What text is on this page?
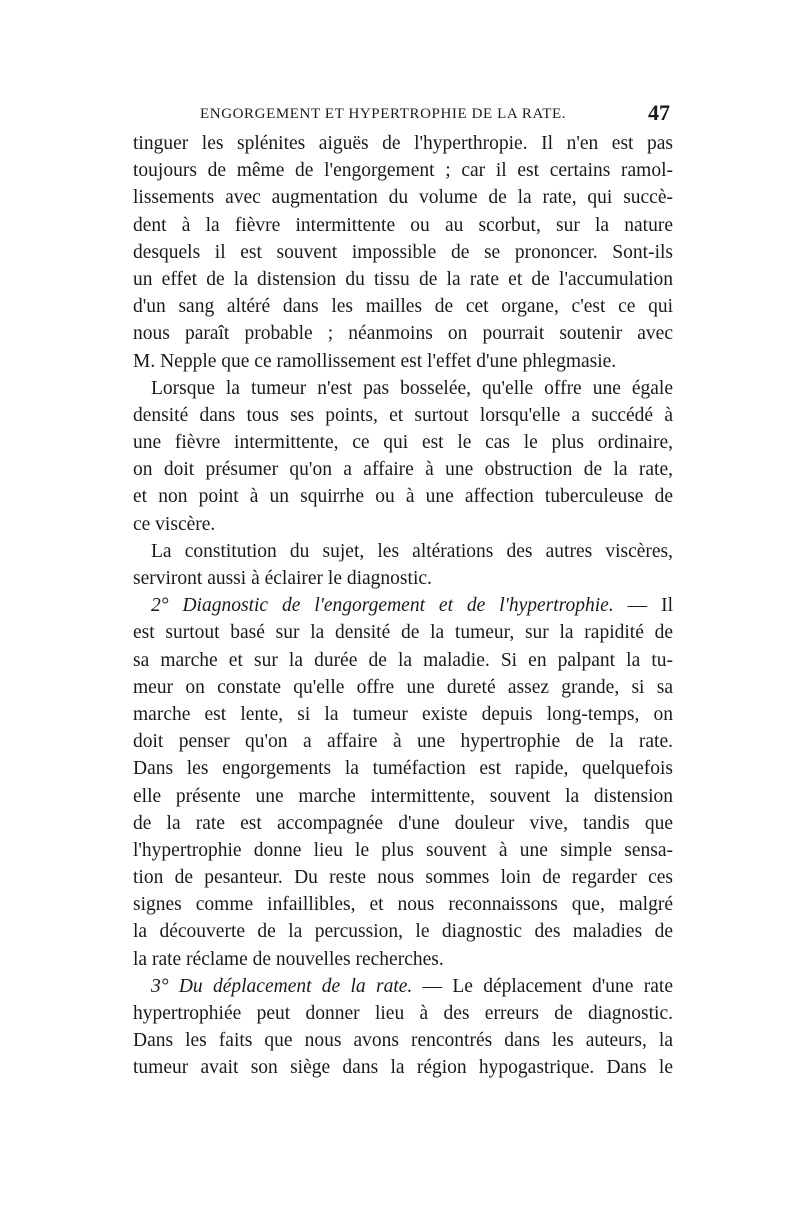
ENGORGEMENT ET HYPERTROPHIE DE LA RATE.	47
tinguer les splénites aiguës de l'hyperthropie. Il n'en est pas
toujours de même de l'engorgement ; car il est certains ramol-
lissements avec augmentation du volume de la rate, qui succè-
dent à la fièvre intermittente ou au scorbut, sur la nature
desquels il est souvent impossible de se prononcer. Sont-ils
un effet de la distension du tissu de la rate et de l'accumulation
d'un sang altéré dans les mailles de cet organe, c'est ce qui
nous paraît probable ; néanmoins on pourrait soutenir avec
M. Nepple que ce ramollissement est l'effet d'une phlegmasie.
Lorsque la tumeur n'est pas bosselée, qu'elle offre une égale
densité dans tous ses points, et surtout lorsqu'elle a succédé à
une fièvre intermittente, ce qui est le cas le plus ordinaire,
on doit présumer qu'on a affaire à une obstruction de la rate,
et non point à un squirrhe ou à une affection tuberculeuse de
ce viscère.
La constitution du sujet, les altérations des autres viscères,
serviront aussi à éclairer le diagnostic.
2° Diagnostic de l'engorgement et de l'hypertrophie. — Il
est surtout basé sur la densité de la tumeur, sur la rapidité de
sa marche et sur la durée de la maladie. Si en palpant la tu-
meur on constate qu'elle offre une dureté assez grande, si sa
marche est lente, si la tumeur existe depuis long-temps, on
doit penser qu'on a affaire à une hypertrophie de la rate.
Dans les engorgements la tuméfaction est rapide, quelquefois
elle présente une marche intermittente, souvent la distension
de la rate est accompagnée d'une douleur vive, tandis que
l'hypertrophie donne lieu le plus souvent à une simple sensa-
tion de pesanteur. Du reste nous sommes loin de regarder ces
signes comme infaillibles, et nous reconnaissons que, malgré
la découverte de la percussion, le diagnostic des maladies de
la rate réclame de nouvelles recherches.
3° Du déplacement de la rate. — Le déplacement d'une rate
hypertrophiée peut donner lieu à des erreurs de diagnostic.
Dans les faits que nous avons rencontrés dans les auteurs, la
tumeur avait son siège dans la région hypogastrique. Dans le
